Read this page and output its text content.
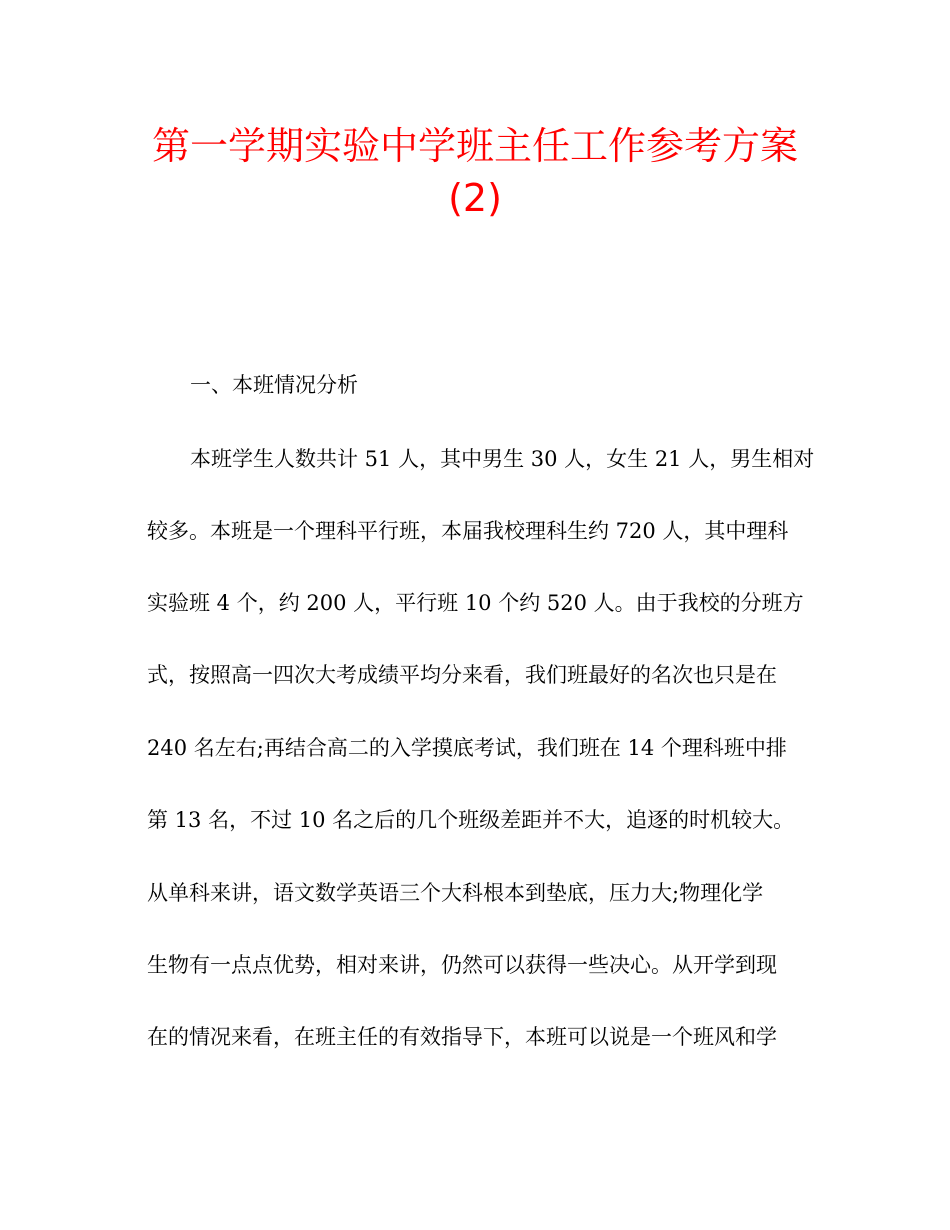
第一学期实验中学班主任工作参考方案
(2)
一、本班情况分析
本班学生人数共计 51 人，其中男生 30 人，女生 21 人，男生相对
较多。本班是一个理科平行班，本届我校理科生约 720 人，其中理科
实验班 4 个，约 200 人，平行班 10 个约 520 人。由于我校的分班方
式，按照高一四次大考成绩平均分来看，我们班最好的名次也只是在
240 名左右;再结合高二的入学摸底考试，我们班在 14 个理科班中排
第 13 名，不过 10 名之后的几个班级差距并不大，追逐的时机较大。
从单科来讲，语文数学英语三个大科根本到垫底，压力大;物理化学
生物有一点点优势，相对来讲，仍然可以获得一些决心。从开学到现
在的情况来看，在班主任的有效指导下，本班可以说是一个班风和学
